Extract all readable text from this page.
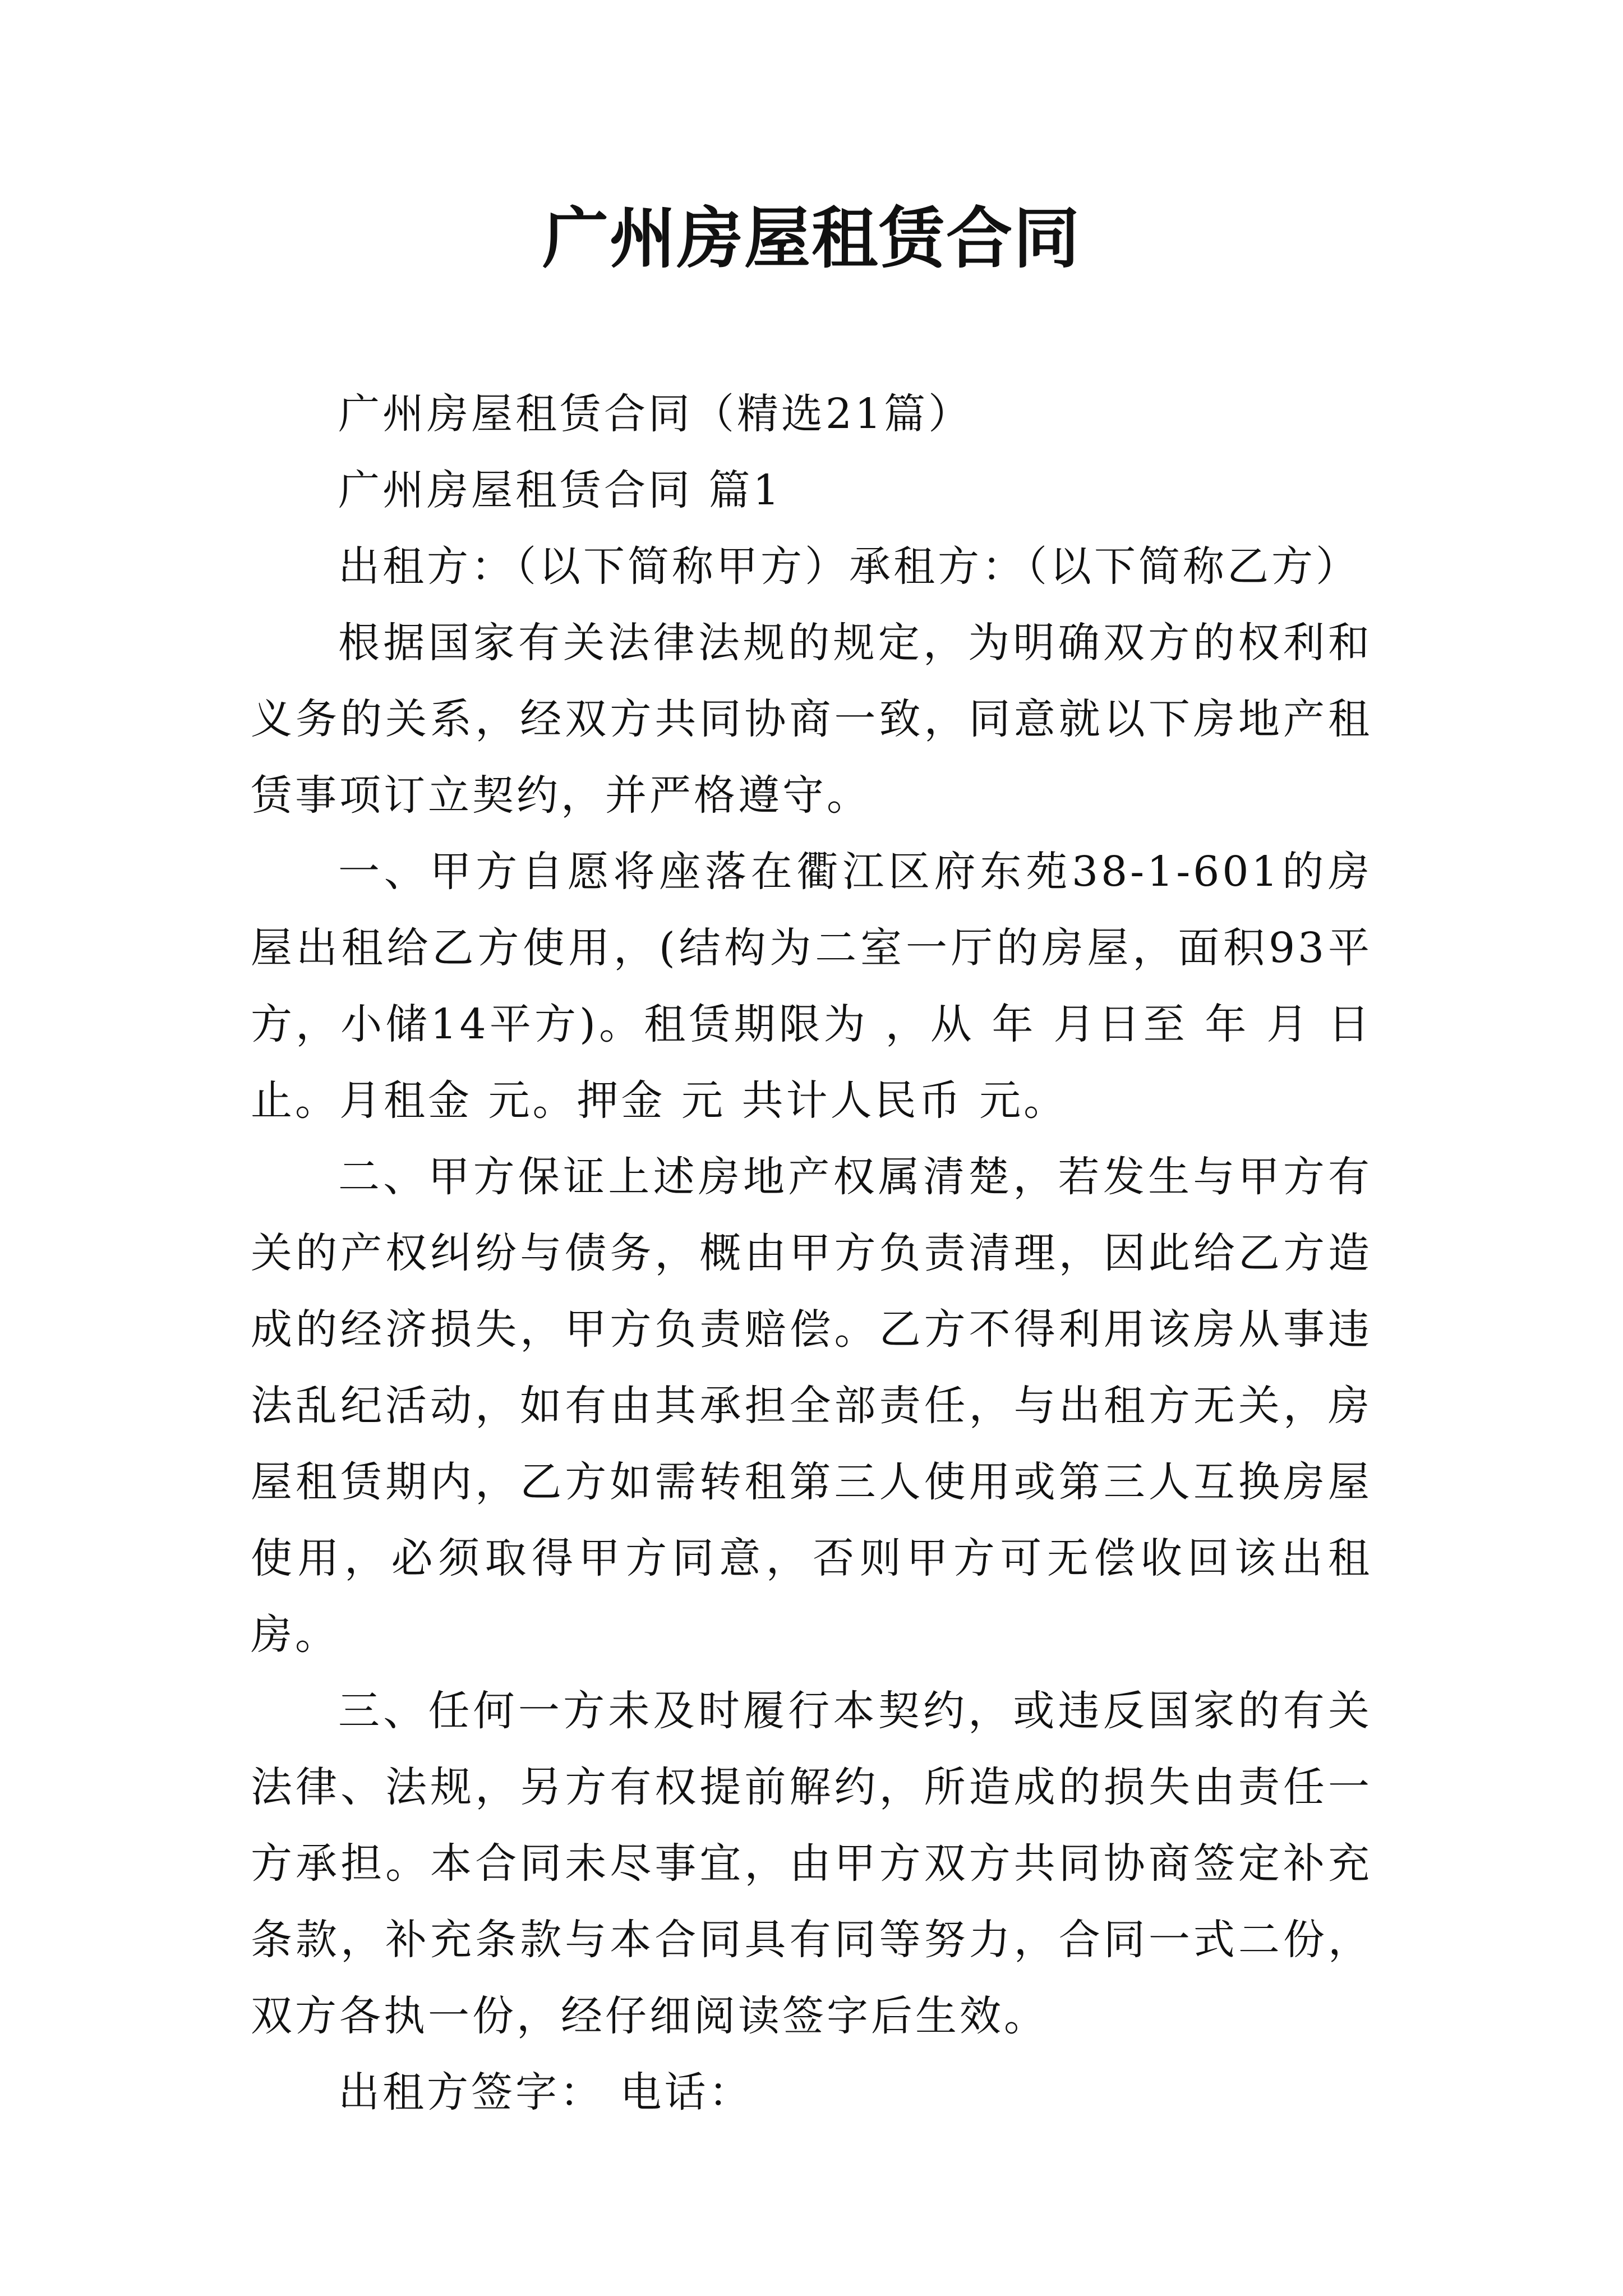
广州房屋租赁合同

广州房屋租赁合同（精选21篇）

广州房屋租赁合同 篇1

出租方：（以下简称甲方）承租方：（以下简称乙方）

根据国家有关法律法规的规定，为明确双方的权利和义务的关系，经双方共同协商一致，同意就以下房地产租赁事项订立契约，并严格遵守。

一、甲方自愿将座落在衢江区府东苑38-1-601的房屋出租给乙方使用，(结构为二室一厅的房屋，面积93平方，小储14平方)。租赁期限为 ，从 年 月日至 年 月 日止。月租金 元。押金 元 共计人民币 元。

二、甲方保证上述房地产权属清楚，若发生与甲方有关的产权纠纷与债务，概由甲方负责清理，因此给乙方造成的经济损失，甲方负责赔偿。乙方不得利用该房从事违法乱纪活动，如有由其承担全部责任，与出租方无关，房屋租赁期内，乙方如需转租第三人使用或第三人互换房屋使用，必须取得甲方同意，否则甲方可无偿收回该出租房。

三、任何一方未及时履行本契约，或违反国家的有关法律、法规，另方有权提前解约，所造成的损失由责任一方承担。本合同未尽事宜，由甲方双方共同协商签定补充条款，补充条款与本合同具有同等努力，合同一式二份，双方各执一份，经仔细阅读签字后生效。

出租方签字： 电话：
